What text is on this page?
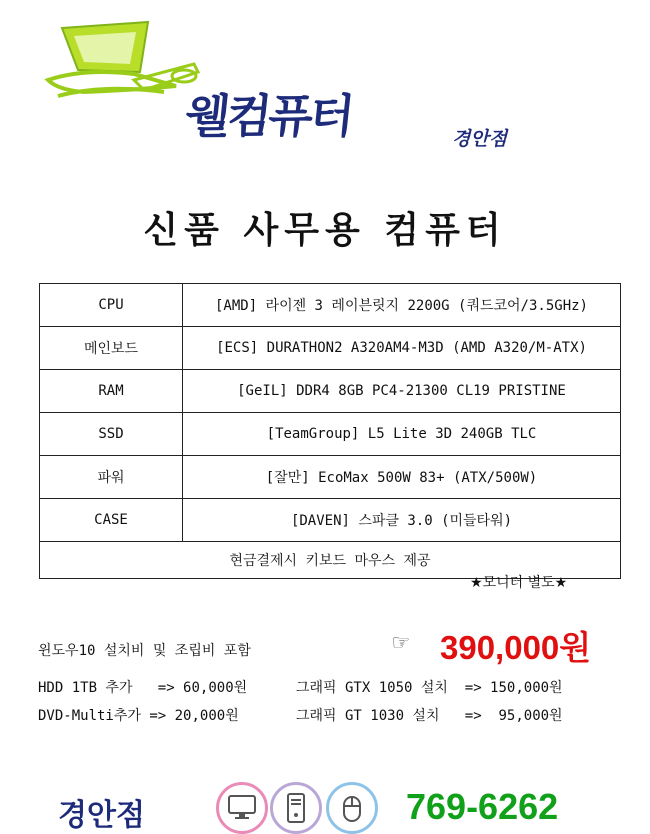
웰컴퓨터	경안점
신품 사무용 컴퓨터
CPU	[AMD] 라이젠 3 레이븐릿지 2200G (쿼드코어/3.5GHz)
메인보드	[ECS] DURATHON2 A320AM4-M3D (AMD A320/M-ATX)
RAM	[GeIL] DDR4 8GB PC4-21300 CL19 PRISTINE
SSD	[TeamGroup] L5 Lite 3D 240GB TLC
파워	[잘만] EcoMax 500W 83+ (ATX/500W)
CASE	[DAVEN] 스파클 3.0 (미들타워)
현금결제시 키보드 마우스 제공	
★모니터 별도★
윈도우10 설치비 및 조립비 포함	☞ 390,000원
HDD 1TB 추가   => 60,000원
DVD-Multi추가 => 20,000원
그래픽 GTX 1050 설치  => 150,000원
그래픽 GT 1030 설치   =>  95,000원
경안점	769-6262
